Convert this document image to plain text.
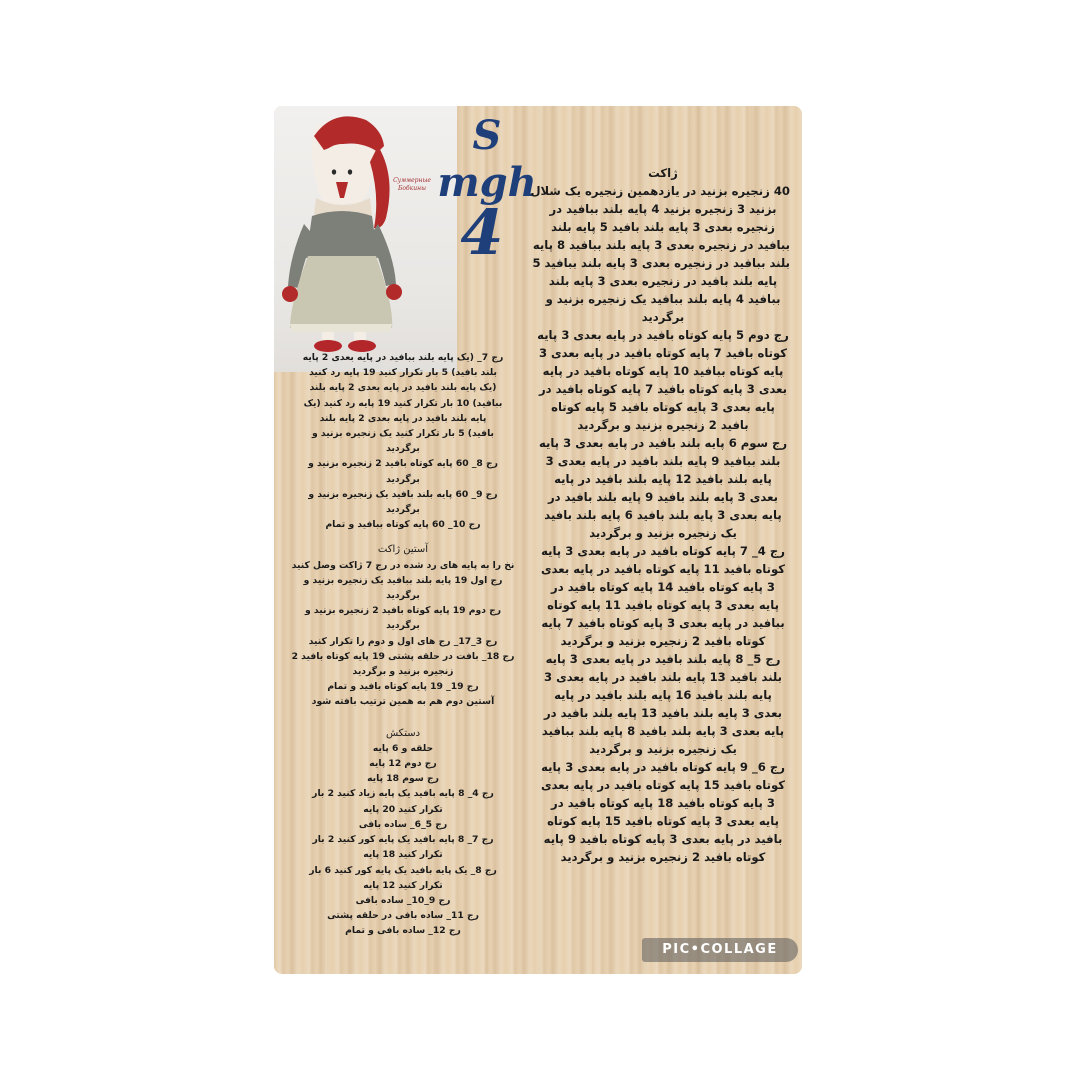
Суммерные
Бобкины
S mgh
4
ژاکت
40 زنجیره بزنید در یازدهمین زنجیره یک شلال
بزنید 3 زنجیره بزنید 4 پایه بلند ببافید در
زنجیره بعدی 3 پایه بلند بافید 5 پایه بلند
ببافید در زنجیره بعدی 3 پایه بلند ببافید 8 پایه
بلند ببافید در زنجیره بعدی 3 پایه بلند ببافید 5
پایه بلند بافید در زنجیره بعدی 3 پایه بلند
ببافید 4 پایه بلند ببافید یک زنجیره بزنید و
برگردید
رج دوم 5 پایه کوتاه بافید در پایه بعدی 3 پایه
کوتاه بافید 7 پایه کوتاه بافید در پایه بعدی 3
پایه کوتاه ببافید 10 پایه کوتاه بافید در پایه
بعدی 3 پایه کوتاه بافید 7 پایه کوتاه بافید در
پایه بعدی 3 پایه کوتاه بافید 5 پایه کوتاه
بافید 2 زنجیره بزنید و برگردید
رج سوم 6 پایه بلند بافید در پایه بعدی 3 پایه
بلند ببافید 9 پایه بلند بافید در پایه بعدی 3
پایه بلند بافید 12 پایه بلند بافید در پایه
بعدی 3 پایه بلند بافید 9 پایه بلند بافید در
پایه بعدی 3 پایه بلند بافید 6 پایه بلند بافید
یک زنجیره بزنید و برگردید
رج 4_ 7 پایه کوتاه بافید در پایه بعدی 3 پایه
کوتاه بافید 11 پایه کوتاه بافید در پایه بعدی
3 پایه کوتاه بافید 14 پایه کوتاه بافید در
پایه بعدی 3 پایه کوتاه بافید 11 پایه کوتاه
ببافید در پایه بعدی 3 پایه کوتاه بافید 7 پایه
کوتاه بافید 2 زنجیره بزنید و برگردید
رج 5_ 8 پایه بلند بافید در پایه بعدی 3 پایه
بلند بافید 13 پایه بلند بافید در پایه بعدی 3
پایه بلند بافید 16 پایه بلند بافید در پایه
بعدی 3 پایه بلند بافید 13 پایه بلند بافید در
پایه بعدی 3 پایه بلند بافید 8 پایه بلند ببافید
یک زنجیره بزنید و برگردید
رج 6_ 9 پایه کوتاه بافید در پایه بعدی 3 پایه
کوتاه بافید 15 پایه کوتاه بافید در پایه بعدی
3 پایه کوتاه بافید 18 پایه کوتاه بافید در
پایه بعدی 3 پایه کوتاه بافید 15 پایه کوتاه
بافید در پایه بعدی 3 پایه کوتاه بافید 9 پایه
کوتاه بافید 2 زنجیره بزنید و برگردید
رج 7_ (یک پایه بلند ببافید در پایه بعدی 2 پایه
بلند بافید) 5 بار تکرار کنید 19 پایه رد کنید
(یک پایه بلند بافید در پایه بعدی 2 پایه بلند
ببافید) 10 بار تکرار کنید 19 پایه رد کنید (یک
پایه بلند بافید در پایه بعدی 2 پایه بلند
بافید) 5 بار تکرار کنید یک زنجیره بزنید و
برگردید
رج 8_ 60 پایه کوتاه بافید 2 زنجیره بزنید و
برگردید
رج 9_ 60 پایه بلند بافید یک زنجیره بزنید و
برگردید
رج 10_ 60 پایه کوتاه ببافید و تمام
آستین ژاکت
نخ را به پایه های رد شده در رج 7 ژاکت وصل کنید
رج اول 19 پایه بلند ببافید یک زنجیره بزنید و
برگردید
رج دوم 19 پایه کوتاه بافید 2 زنجیره بزنید و
برگردید
رج 3_17_ رج های اول و دوم را تکرار کنید
رج 18_ بافت در حلقه پشتی 19 پایه کوتاه بافید 2
زنجیره بزنید و برگردید
رج 19_ 19 پایه کوتاه بافید و تمام
آستین دوم هم به همین ترتیب بافته شود
دستکش
حلقه و 6 پایه
رج دوم 12 پایه
رج سوم 18 پایه
رج 4_ 8 پایه بافید یک پایه زیاد کنید 2 بار
تکرار کنید 20 پایه
رج 5_6_ ساده بافی
رج 7_ 8 پایه بافید یک پایه کور کنید 2 بار
تکرار کنید 18 پایه
رج 8_ یک پایه بافید یک پایه کور کنید 6 بار
تکرار کنید 12 پایه
رج 9_10_ ساده بافی
رج 11_ ساده بافی در حلقه پشتی
رج 12_ ساده بافی و تمام
PIC•COLLAGE
